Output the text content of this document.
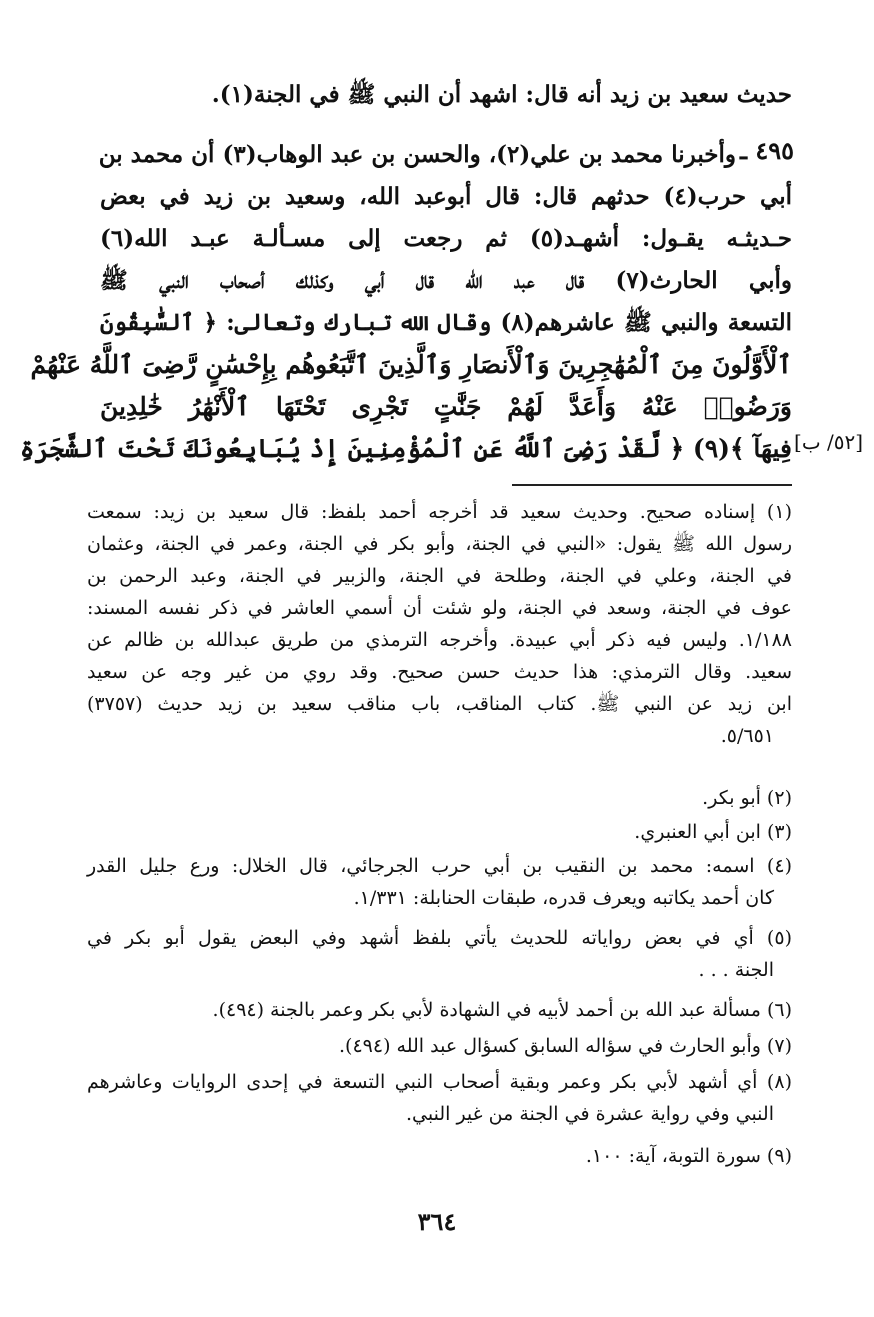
حديث سعيد بن زيد أنه قال: اشهد أن النبي ﷺ في الجنة(١).
٤٩٥ ـ
وأخبرنا محمد بن علي(٢)، والحسن بن عبد الوهاب(٣) أن محمد بن
أبي حرب(٤) حدثهم قال: قال أبوعبد الله، وسعيد بن زيد في بعض
حـديثـه يقـول: أشهـد(٥) ثم رجعت إلى مسـألـة عبـد الله(٦)
وأبي الحارث(٧) قال عبد الله قال أبي وكذلك أصحاب النبي ﷺ
التسعة والنبي ﷺ عاشرهم(٨) وقال الله تبارك وتعالى: ﴿ ٱلسَّٰبِقُونَ
ٱلْأَوَّلُونَ مِنَ ٱلْمُهَٰجِرِينَ وَٱلْأَنصَارِ وَٱلَّذِينَ ٱتَّبَعُوهُم بِإِحْسَٰنٍ رَّضِىَ ٱللَّهُ عَنْهُمْ
وَرَضُوا۟ عَنْهُ وَأَعَدَّ لَهُمْ جَنَّٰتٍ تَجْرِى تَحْتَهَا ٱلْأَنْهَٰرُ خَٰلِدِينَ
فِيهَآ ﴾(٩) ﴿ لَّقَدْ رَضِىَ ٱللَّهُ عَنِ ٱلْمُؤْمِنِينَ إِذْ يُبَايِعُونَكَ تَحْتَ ٱلشَّجَرَةِ [٥٢/ ب]
(١) إسناده صحيح. وحديث سعيد قد أخرجه أحمد بلفظ: قال سعيد بن زيد: سمعت
رسول الله ﷺ يقول: «النبي في الجنة، وأبو بكر في الجنة، وعمر في الجنة، وعثمان
في الجنة، وعلي في الجنة، وطلحة في الجنة، والزبير في الجنة، وعبد الرحمن بن
عوف في الجنة، وسعد في الجنة، ولو شئت أن أسمي العاشر في ذكر نفسه المسند:
١/١٨٨. وليس فيه ذكر أبي عبيدة. وأخرجه الترمذي من طريق عبدالله بن ظالم عن
سعيد. وقال الترمذي: هذا حديث حسن صحيح. وقد روي من غير وجه عن سعيد
ابن زيد عن النبي ﷺ. كتاب المناقب، باب مناقب سعيد بن زيد حديث (٣٧٥٧)
٥/٦٥١.
(٢) أبو بكر.
(٣) ابن أبي العنبري.
(٤) اسمه: محمد بن النقيب بن أبي حرب الجرجائي، قال الخلال: ورع جليل القدر
كان أحمد يكاتبه ويعرف قدره، طبقات الحنابلة: ١/٣٣١.
(٥) أي في بعض رواياته للحديث يأتي بلفظ أشهد وفي البعض يقول أبو بكر في
الجنة . . .
(٦) مسألة عبد الله بن أحمد لأبيه في الشهادة لأبي بكر وعمر بالجنة (٤٩٤).
(٧) وأبو الحارث في سؤاله السابق كسؤال عبد الله (٤٩٤).
(٨) أي أشهد لأبي بكر وعمر وبقية أصحاب النبي التسعة في إحدى الروايات وعاشرهم
النبي وفي رواية عشرة في الجنة من غير النبي.
(٩) سورة التوبة، آية: ١٠٠.
٣٦٤
